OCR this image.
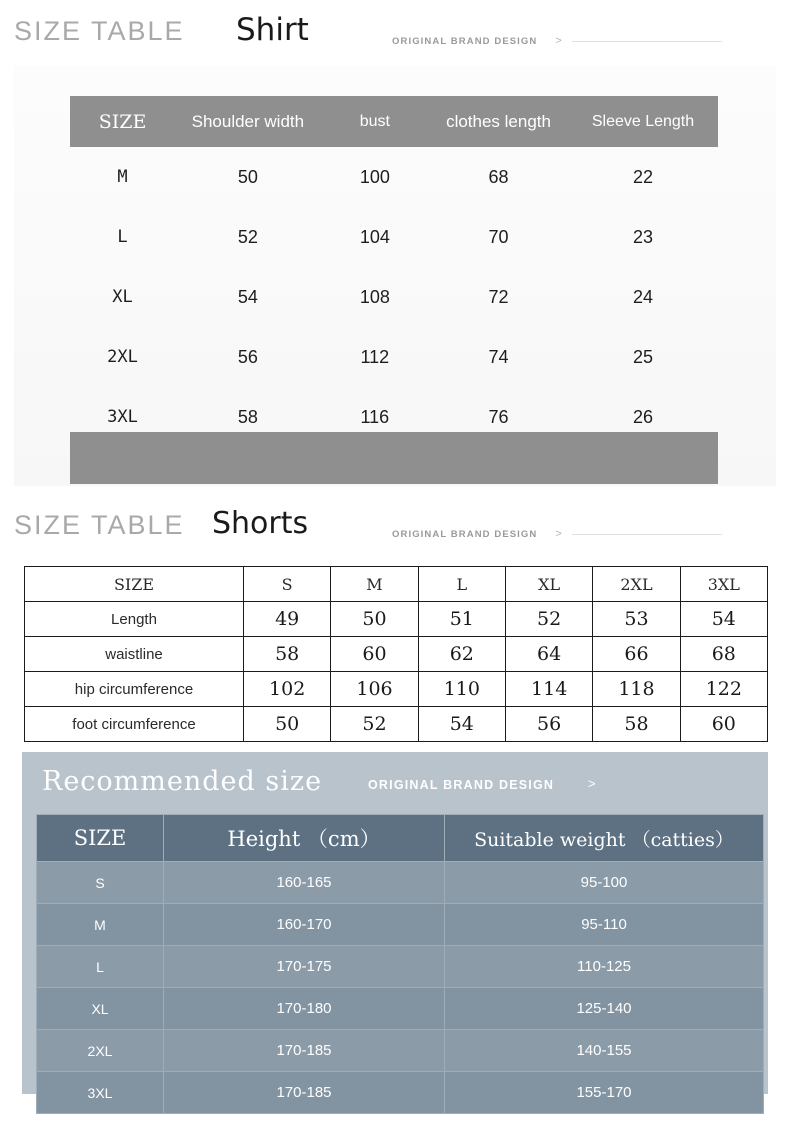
SIZE TABLE Shirt	ORIGINAL BRAND DESIGN >
SIZE	Shoulder width	bust	clothes length	Sleeve Length
M	50	100	68	22
L	52	104	70	23
XL	54	108	72	24
2XL	56	112	74	25
3XL	58	116	76	26
SIZE TABLE Shorts	ORIGINAL BRAND DESIGN >
SIZE	S	M	L	XL	2XL	3XL
Length	49	50	51	52	53	54
waistline	58	60	62	64	66	68
hip circumference	102	106	110	114	118	122
foot circumference	50	52	54	56	58	60
Recommended size	ORIGINAL BRAND DESIGN	>
SIZE	Height （cm）	Suitable weight （catties）
S	160-165	95-100
M	160-170	95-110
L	170-175	110-125
XL	170-180	125-140
2XL	170-185	140-155
3XL	170-185	155-170
